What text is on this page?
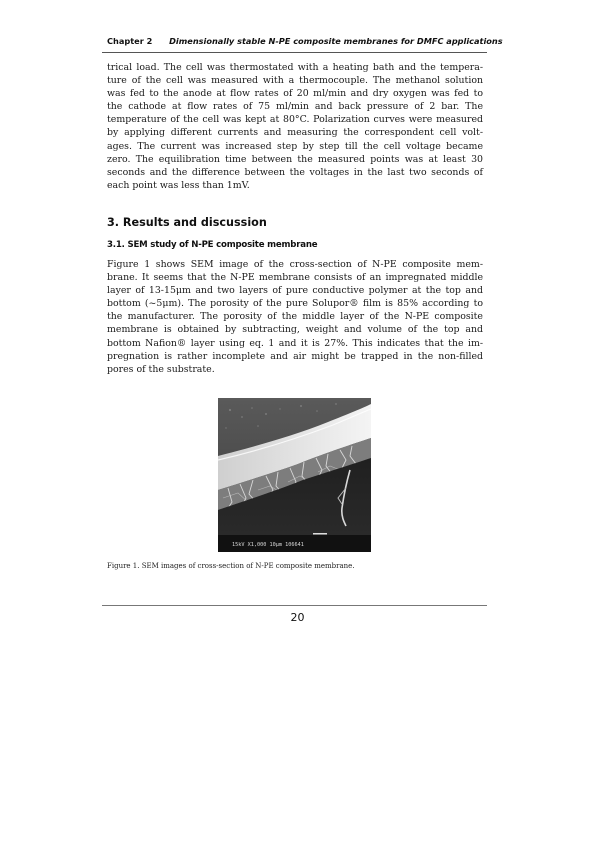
Chapter 2 Dimensionally stable N-PE composite membranes for DMFC applications

trical load. The cell was thermostated with a heating bath and the tempera-
ture of the cell was measured with a thermocouple. The methanol solution
was fed to the anode at flow rates of 20 ml/min and dry oxygen was fed to
the cathode at flow rates of 75 ml/min and back pressure of 2 bar. The
temperature of the cell was kept at 80°C. Polarization curves were measured
by applying different currents and measuring the correspondent cell volt-
ages. The current was increased step by step till the cell voltage became
zero. The equilibration time between the measured points was at least 30
seconds and the difference between the voltages in the last two seconds of
each point was less than 1mV.

3. Results and discussion
3.1. SEM study of N-PE composite membrane

Figure 1 shows SEM image of the cross-section of N-PE composite mem-
brane. It seems that the N-PE membrane consists of an impregnated middle
layer of 13-15μm and two layers of pure conductive polymer at the top and
bottom (~5μm). The porosity of the pure Solupor® film is 85% according to
the manufacturer. The porosity of the middle layer of the N-PE composite
membrane is obtained by subtracting, weight and volume of the top and
bottom Nafion® layer using eq. 1 and it is 27%. This indicates that the im-
pregnation is rather incomplete and air might be trapped in the non-filled
pores of the substrate.

15kV X1,000 10μm 106641

Figure 1. SEM images of cross-section of N-PE composite membrane.

20
